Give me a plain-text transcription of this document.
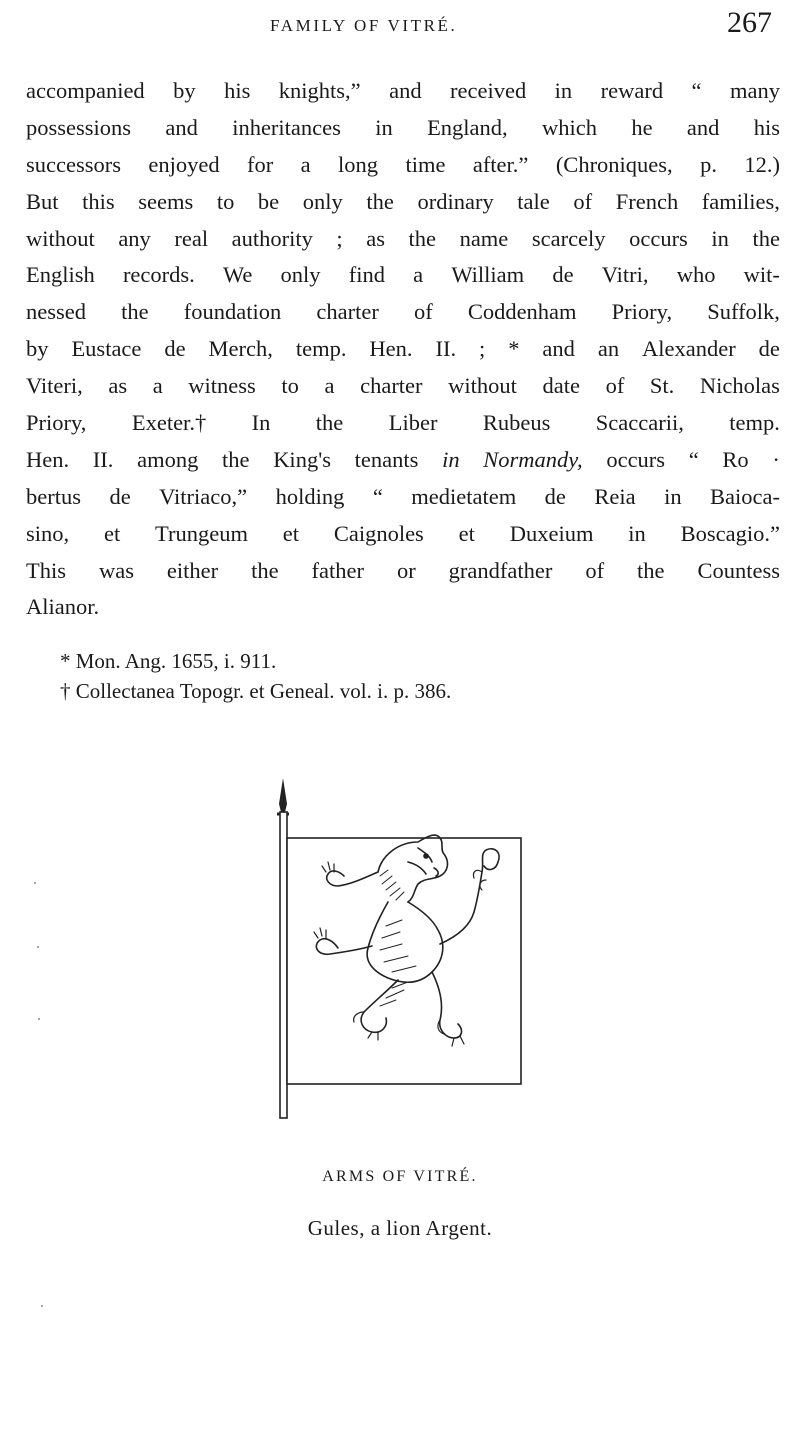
FAMILY OF VITRÉ.	267
accompanied by his knights,” and received in reward “ many
possessions and inheritances in England, which he and his
successors enjoyed for a long time after.” (Chroniques, p. 12.)
But this seems to be only the ordinary tale of French families,
without any real authority ; as the name scarcely occurs in the
English records. We only find a William de Vitri, who wit-
nessed the foundation charter of Coddenham Priory, Suffolk,
by Eustace de Merch, temp. Hen. II. ; * and an Alexander de
Viteri, as a witness to a charter without date of St. Nicholas
Priory, Exeter.† In the Liber Rubeus Scaccarii, temp.
Hen. II. among the King's tenants in Normandy, occurs “ Ro ·
bertus de Vitriaco,” holding “ medietatem de Reia in Baioca-
sino, et Trungeum et Caignoles et Duxeium in Boscagio.”
This was either the father or grandfather of the Countess
Alianor.
* Mon. Ang. 1655, i. 911.
† Collectanea Topogr. et Geneal. vol. i. p. 386.
ARMS OF VITRÉ.
Gules, a lion Argent.
